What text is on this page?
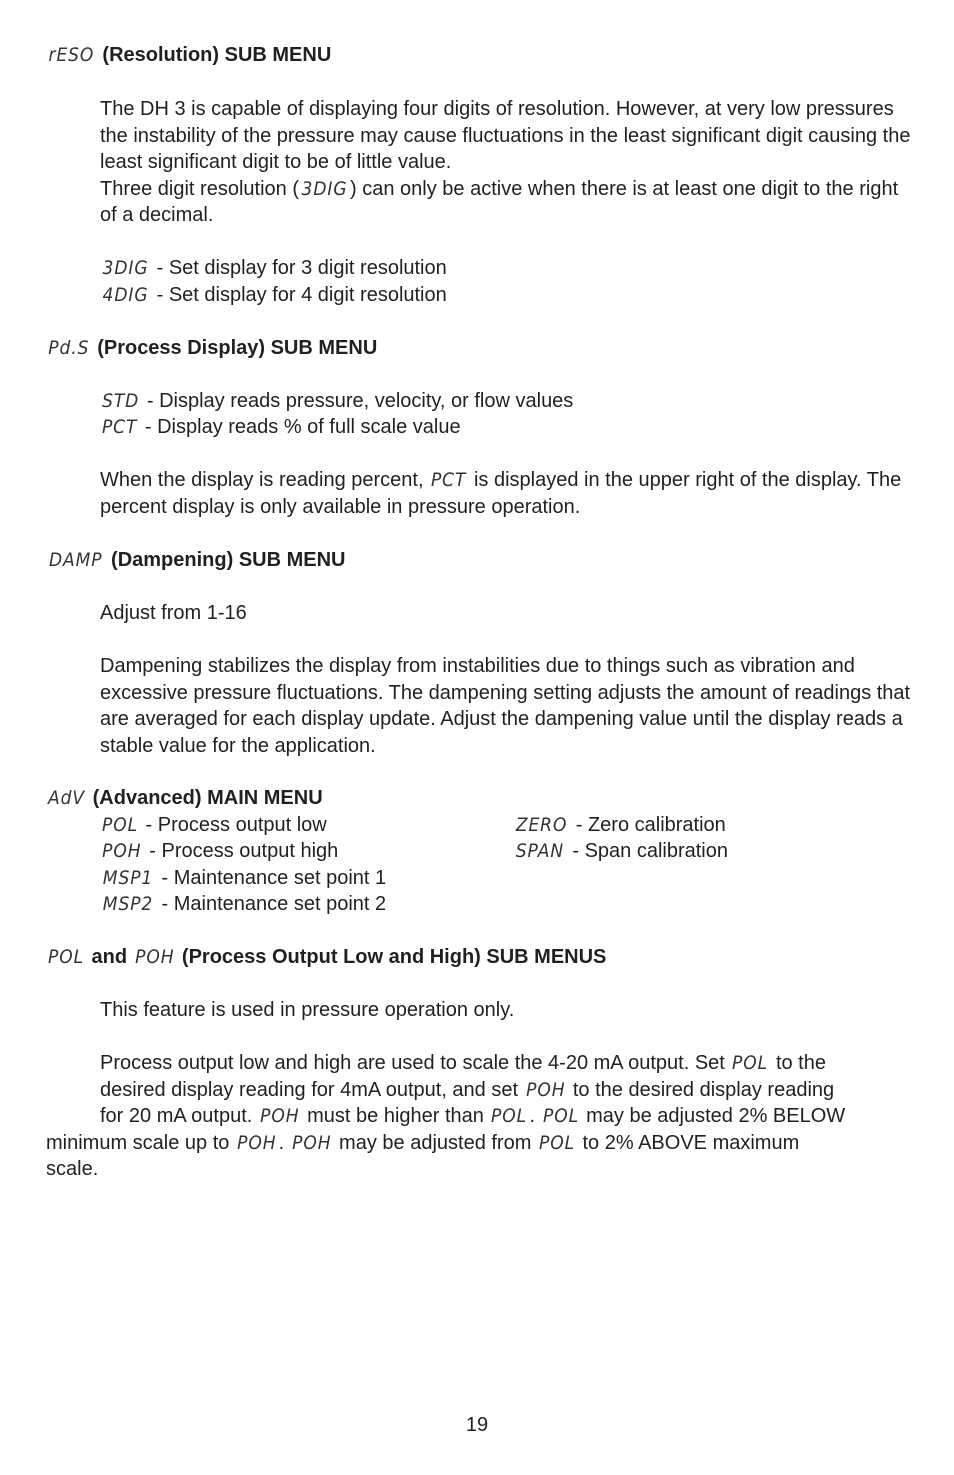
rESO (Resolution) SUB MENU

The DH 3 is capable of displaying four digits of resolution. However, at very low pressures the instability of the pressure may cause fluctuations in the least significant digit causing the least significant digit to be of little value.

Three digit resolution ( 3DIG ) can only be active when there is at least one digit to the right of a decimal.

3DIG - Set display for 3 digit resolution
4DIG - Set display for 4 digit resolution
Pd.S (Process Display) SUB MENU
STD - Display reads pressure, velocity, or flow values
PCT - Display reads % of full scale value

When the display is reading percent, PCT is displayed in the upper right of the display. The percent display is only available in pressure operation.

DAMP (Dampening) SUB MENU
Adjust from 1-16

Dampening stabilizes the display from instabilities due to things such as vibration and excessive pressure fluctuations. The dampening setting adjusts the amount of readings that are averaged for each display update. Adjust the dampening value until the display reads a stable value for the application.

AdV (Advanced) MAIN MENU
POL - Process output low
POH - Process output high
MSP1 - Maintenance set point 1
MSP2 - Maintenance set point 2
ZERO - Zero calibration
SPAN - Span calibration
POL and POH (Process Output Low and High) SUB MENUS
This feature is used in pressure operation only.
Process output low and high are used to scale the 4-20 mA output. Set POL to the
desired display reading for 4mA output, and set POH to the desired display reading
for 20 mA output. POH must be higher than POL . POL may be adjusted 2% BELOW
minimum scale up to POH . POH may be adjusted from POL to 2% ABOVE maximum
scale.
19
